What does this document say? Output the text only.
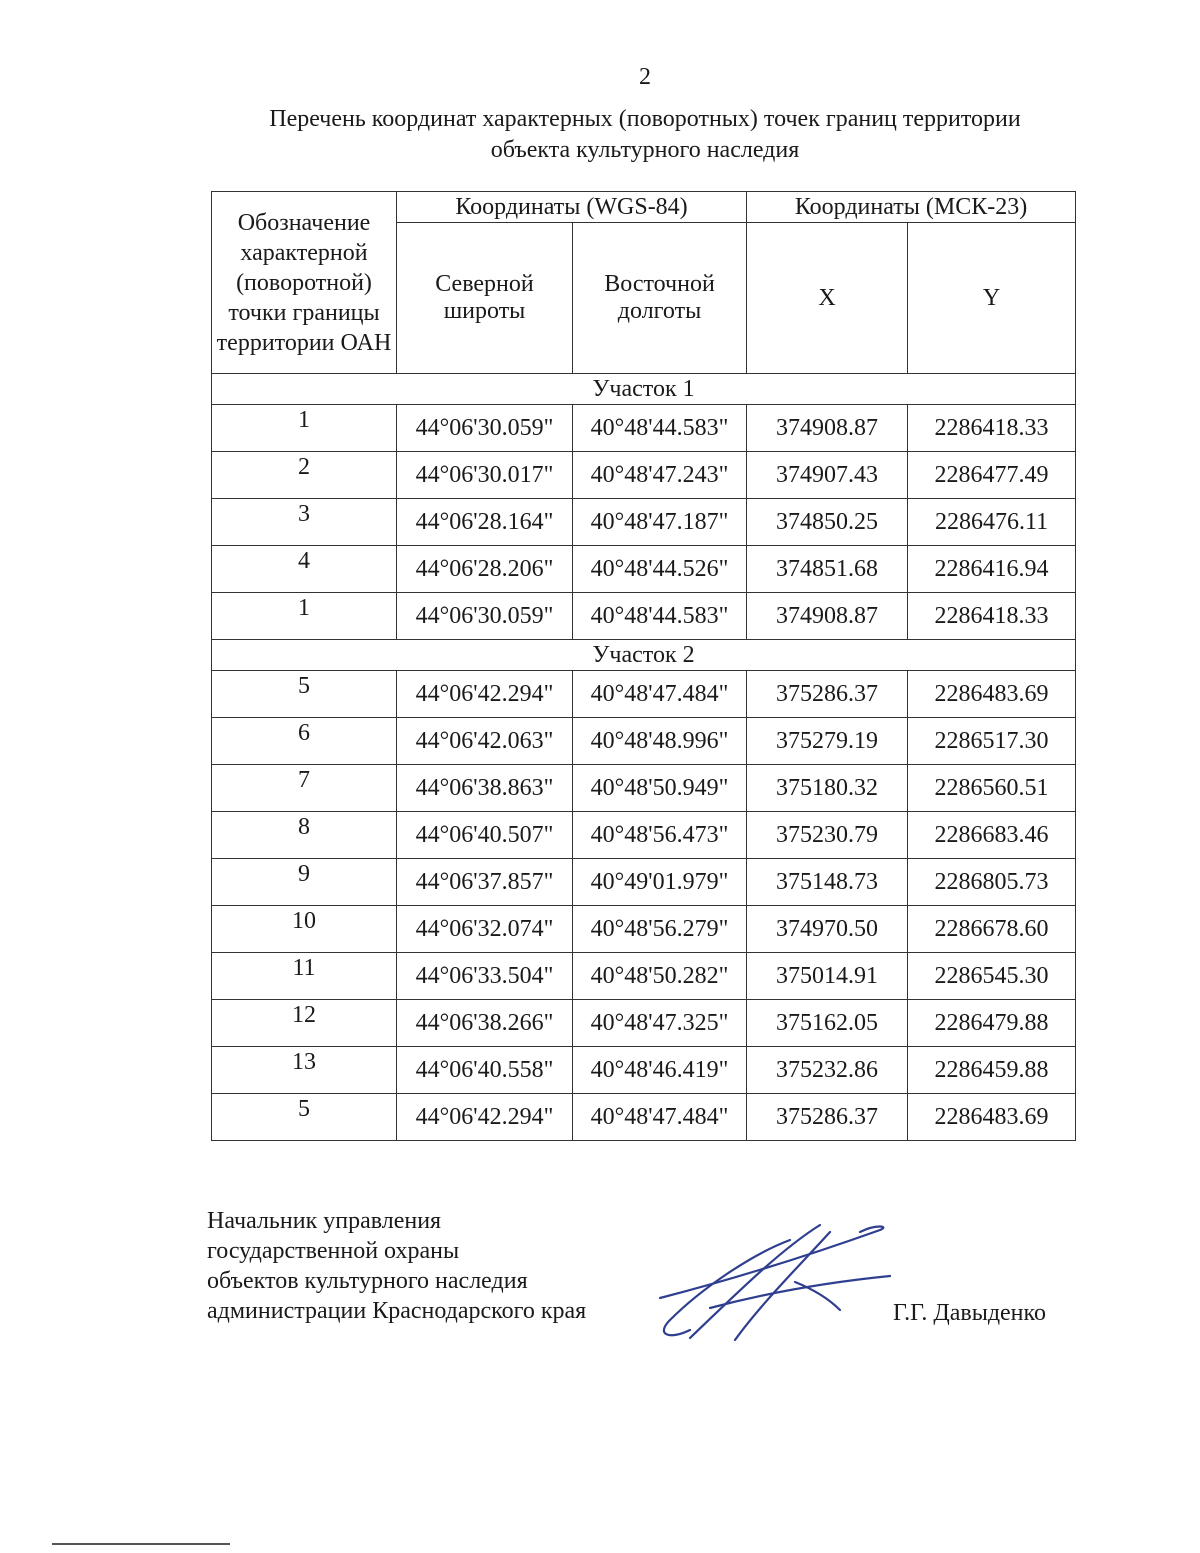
2
Перечень координат характерных (поворотных) точек границ территории
объекта культурного наследия
Обозначение характерной (поворотной) точки границы территории ОАН	Координаты (WGS-84)		Координаты (МСК-23)	
	Северной широты	Восточной долготы	X	Y
Участок 1				
1	44°06'30.059"	40°48'44.583"	374908.87	2286418.33
2	44°06'30.017"	40°48'47.243"	374907.43	2286477.49
3	44°06'28.164"	40°48'47.187"	374850.25	2286476.11
4	44°06'28.206"	40°48'44.526"	374851.68	2286416.94
1	44°06'30.059"	40°48'44.583"	374908.87	2286418.33
Участок 2				
5	44°06'42.294"	40°48'47.484"	375286.37	2286483.69
6	44°06'42.063"	40°48'48.996"	375279.19	2286517.30
7	44°06'38.863"	40°48'50.949"	375180.32	2286560.51
8	44°06'40.507"	40°48'56.473"	375230.79	2286683.46
9	44°06'37.857"	40°49'01.979"	375148.73	2286805.73
10	44°06'32.074"	40°48'56.279"	374970.50	2286678.60
11	44°06'33.504"	40°48'50.282"	375014.91	2286545.30
12	44°06'38.266"	40°48'47.325"	375162.05	2286479.88
13	44°06'40.558"	40°48'46.419"	375232.86	2286459.88
5	44°06'42.294"	40°48'47.484"	375286.37	2286483.69
Начальник управления
государственной охраны
объектов культурного наследия
администрации Краснодарского края	Г.Г. Давыденко
